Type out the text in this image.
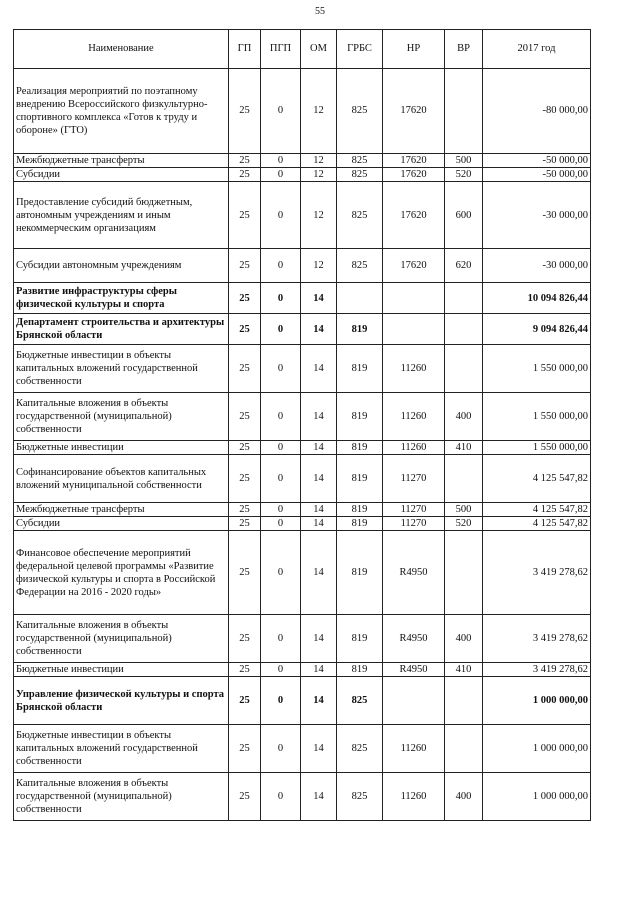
55
Наименование	ГП	ПГП	ОМ	ГРБС	НР	ВР	2017 год
Реализация мероприятий по поэтапному внедрению Всероссийского физкультурно-спортивного комплекса «Готов к труду и обороне» (ГТО)	25	0	12	825	17620		-80 000,00
Межбюджетные трансферты	25	0	12	825	17620	500	-50 000,00
Субсидии	25	0	12	825	17620	520	-50 000,00
Предоставление субсидий бюджетным, автономным учреждениям и иным некоммерческим организациям	25	0	12	825	17620	600	-30 000,00
Субсидии автономным учреждениям	25	0	12	825	17620	620	-30 000,00
Развитие инфраструктуры сферы физической культуры и спорта	25	0	14				10 094 826,44
Департамент строительства и архитектуры Брянской области	25	0	14	819			9 094 826,44
Бюджетные инвестиции в объекты капитальных вложений государственной собственности	25	0	14	819	11260		1 550 000,00
Капитальные вложения в объекты государственной (муниципальной) собственности	25	0	14	819	11260	400	1 550 000,00
Бюджетные инвестиции	25	0	14	819	11260	410	1 550 000,00
Софинансирование объектов капитальных вложений муниципальной собственности	25	0	14	819	11270		4 125 547,82
Межбюджетные трансферты	25	0	14	819	11270	500	4 125 547,82
Субсидии	25	0	14	819	11270	520	4 125 547,82
Финансовое обеспечение мероприятий федеральной целевой программы «Развитие физической культуры и спорта в Российской Федерации на 2016 - 2020 годы»	25	0	14	819	R4950		3 419 278,62
Капитальные вложения в объекты государственной (муниципальной) собственности	25	0	14	819	R4950	400	3 419 278,62
Бюджетные инвестиции	25	0	14	819	R4950	410	3 419 278,62
Управление физической культуры и спорта Брянской области	25	0	14	825			1 000 000,00
Бюджетные инвестиции в объекты капитальных вложений государственной собственности	25	0	14	825	11260		1 000 000,00
Капитальные вложения в объекты государственной (муниципальной) собственности	25	0	14	825	11260	400	1 000 000,00
